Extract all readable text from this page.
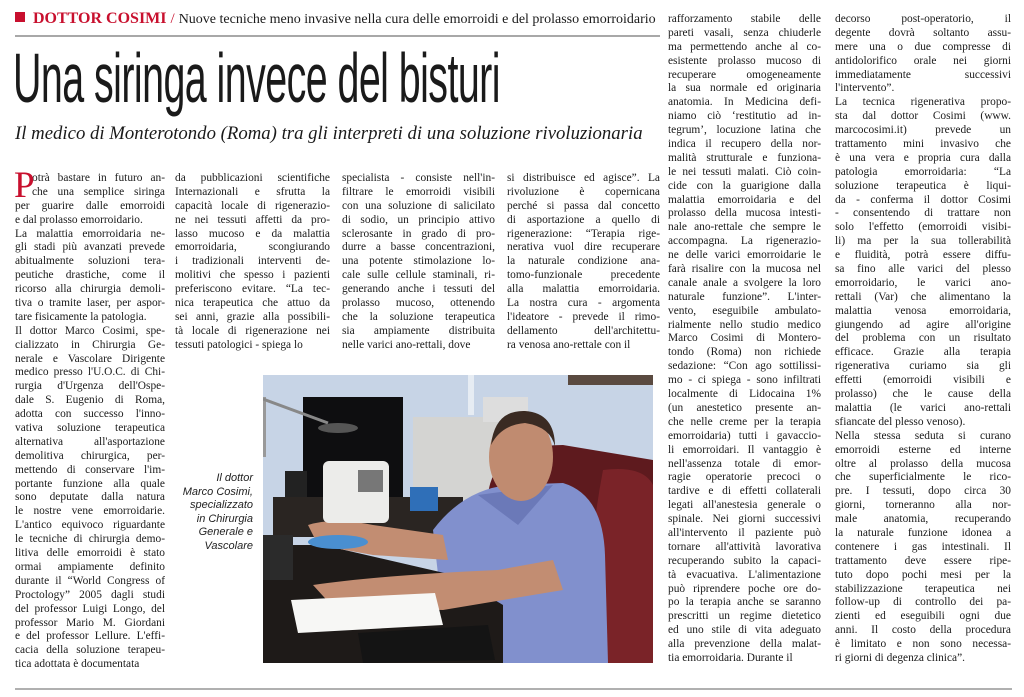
DOTTOR COSIMI / Nuove tecniche meno invasive nella cura delle emorroidi e del prolasso emorroidario
Una siringa invece del bisturi
Il medico di Monterotondo (Roma) tra gli interpreti di una soluzione rivoluzionaria
P
otrà bastare in futuro an-
che una semplice siringa
per guarire dalle emorroidi
e dal prolasso emorroidario.
La malattia emorroidaria ne-
gli stadi più avanzati prevede
abitualmente soluzioni tera-
peutiche drastiche, come il
ricorso alla chirurgia demoli-
tiva o tramite laser, per aspor-
tare fisicamente la patologia.
Il dottor Marco Cosimi, spe-
cializzato in Chirurgia Ge-
nerale e Vascolare Dirigente
medico presso l'U.O.C. di Chi-
rurgia d'Urgenza dell'Ospe-
dale S. Eugenio di Roma,
adotta con successo l'inno-
vativa soluzione terapeutica
alternativa all'asportazione
demolitiva chirurgica, per-
mettendo di conservare l'im-
portante funzione alla quale
sono deputate dalla natura
le nostre vene emorroidarie.
L'antico equivoco riguardante
le tecniche di chirurgia demo-
litiva delle emorroidi è stato
ormai ampiamente definito
durante il “World Congress of
Proctology” 2005 dagli studi
del professor Luigi Longo, del
professor Mario M. Giordani
e del professor Lellure. L'effi-
cacia della soluzione terapeu-
tica adottata è documentata
da pubblicazioni scientifiche
Internazionali e sfrutta la
capacità locale di rigenerazio-
ne nei tessuti affetti da pro-
lasso mucoso e da malattia
emorroidaria, scongiurando
i tradizionali interventi de-
molitivi che spesso i pazienti
preferiscono evitare. “La tec-
nica terapeutica che attuo da
sei anni, grazie alla possibili-
tà locale di rigenerazione nei
tessuti patologici - spiega lo
specialista - consiste nell'in-
filtrare le emorroidi visibili
con una soluzione di salicilato
di sodio, un principio attivo
sclerosante in grado di pro-
durre a basse concentrazioni,
una potente stimolazione lo-
cale sulle cellule staminali, ri-
generando anche i tessuti del
prolasso mucoso, ottenendo
che la soluzione terapeutica
sia ampiamente distribuita
nelle varici ano-rettali, dove
si distribuisce ed agisce”. La
rivoluzione è copernicana
perché si passa dal concetto
di asportazione a quello di
rigenerazione: “Terapia rige-
nerativa vuol dire recuperare
la naturale condizione ana-
tomo-funzionale precedente
alla malattia emorroidaria.
La nostra cura - argomenta
l'ideatore - prevede il rimo-
dellamento dell'architettu-
ra venosa ano-rettale con il
rafforzamento stabile delle
pareti vasali, senza chiuderle
ma permettendo anche al co-
esistente prolasso mucoso di
recuperare omogeneamente
la sua normale ed originaria
anatomia. In Medicina defi-
niamo ciò ‘restitutio ad in-
tegrum’, locuzione latina che
indica il recupero della nor-
malità strutturale e funziona-
le nei tessuti malati. Ciò coin-
cide con la guarigione dalla
malattia emorroidaria e del
prolasso della mucosa intesti-
nale ano-rettale che sempre le
accompagna. La rigenerazio-
ne delle varici emorroidarie le
farà risalire con la mucosa nel
canale anale a svolgere la loro
naturale funzione”. L'inter-
vento, eseguibile ambulato-
rialmente nello studio medico
Marco Cosimi di Montero-
tondo (Roma) non richiede
sedazione: “Con ago sottilissi-
mo - ci spiega - sono infiltrati
localmente di Lidocaina 1%
(un anestetico presente an-
che nelle creme per la terapia
emorroidaria) tutti i gavaccio-
li emorroidari. Il vantaggio è
nell'assenza totale di emor-
ragie operatorie precoci o
tardive e di effetti collaterali
legati all'anestesia generale o
spinale. Nei giorni successivi
all'intervento il paziente può
tornare all'attività lavorativa
recuperando subito la capaci-
tà evacuativa. L'alimentazione
può riprendere poche ore do-
po la terapia anche se saranno
prescritti un regime dietetico
ed uno stile di vita adeguato
alla prevenzione della malat-
tia emorroidaria. Durante il
decorso post-operatorio, il
degente dovrà soltanto assu-
mere una o due compresse di
antidolorifico orale nei giorni
immediatamente successivi
l'intervento”.
La tecnica rigenerativa propo-
sta dal dottor Cosimi (www.
marcocosimi.it) prevede un
trattamento mini invasivo che
è una vera e propria cura dalla
patologia emorroidaria: “La
soluzione terapeutica è liqui-
da - conferma il dottor Cosimi
- consentendo di trattare non
solo l'effetto (emorroidi visibi-
li) ma per la sua tollerabilità
e fluidità, potrà essere diffu-
sa fino alle varici del plesso
emorroidario, le varici ano-
rettali (Var) che alimentano la
malattia venosa emorroidaria,
giungendo ad agire all'origine
del problema con un risultato
efficace. Grazie alla terapia
rigenerativa curiamo sia gli
effetti (emorroidi visibili e
prolasso) che le cause della
malattia (le varici ano-rettali
sfiancate del plesso venoso).
Nella stessa seduta si curano
emorroidi esterne ed interne
oltre al prolasso della mucosa
che superficialmente le rico-
pre. I tessuti, dopo circa 30
giorni, torneranno alla nor-
male anatomia, recuperando
la naturale funzione idonea a
contenere i gas intestinali. Il
trattamento deve essere ripe-
tuto dopo pochi mesi per la
stabilizzazione terapeutica nei
follow-up di controllo dei pa-
zienti ed eseguibili ogni due
anni. Il costo della procedura
è limitato e non sono necessa-
ri giorni di degenza clinica”.
Il dottor
Marco Cosimi,
specializzato
in Chirurgia
Generale e
Vascolare
